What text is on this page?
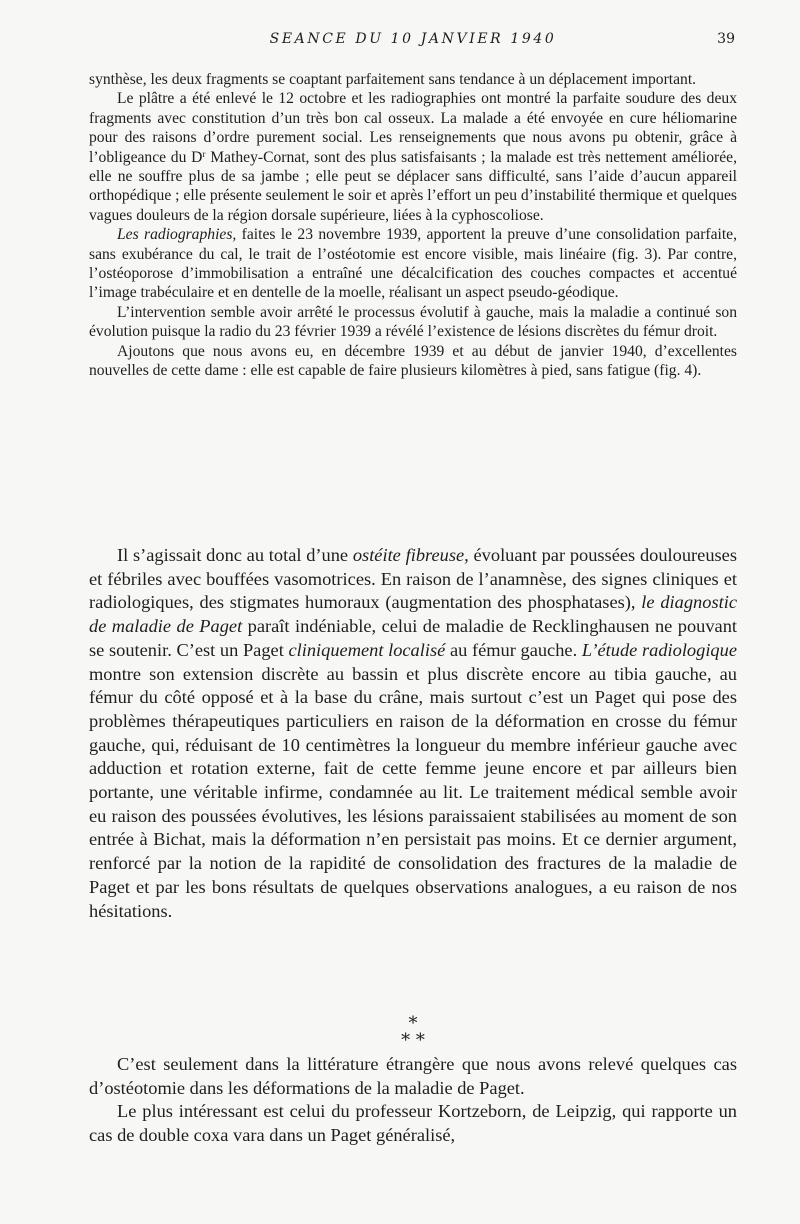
SEANCE DU 10 JANVIER 1940	39

synthèse, les deux fragments se coaptant parfaitement sans tendance à un déplacement important.

Le plâtre a été enlevé le 12 octobre et les radiographies ont montré la parfaite soudure des deux fragments avec constitution d’un très bon cal osseux. La malade a été envoyée en cure héliomarine pour des raisons d’ordre purement social. Les renseignements que nous avons pu obtenir, grâce à l’obligeance du $D^r$ Mathey-Cornat, sont des plus satisfaisants ; la malade est très nettement améliorée, elle ne souffre plus de sa jambe ; elle peut se déplacer sans difficulté, sans l’aide d’aucun appareil orthopédique ; elle présente seulement le soir et après l’effort un peu d’instabilité thermique et quelques vagues douleurs de la région dorsale supérieure, liées à la cyphoscoliose.

Les radiographies, faites le 23 novembre 1939, apportent la preuve d’une consolidation parfaite, sans exubérance du cal, le trait de l’ostéotomie est encore visible, mais linéaire (fig. 3). Par contre, l’ostéoporose d’immobilisation a entraîné une décalcification des couches compactes et accentué l’image trabéculaire et en dentelle de la moelle, réalisant un aspect pseudo-géodique.

L’intervention semble avoir arrêté le processus évolutif à gauche, mais la maladie a continué son évolution puisque la radio du 23 février 1939 a révélé l’existence de lésions discrètes du fémur droit.

Ajoutons que nous avons eu, en décembre 1939 et au début de janvier 1940, d’excellentes nouvelles de cette dame : elle est capable de faire plusieurs kilomètres à pied, sans fatigue (fig. 4).

Il s’agissait donc au total d’une ostéite fibreuse, évoluant par poussées douloureuses et fébriles avec bouffées vasomotrices. En raison de l’anamnèse, des signes cliniques et radiologiques, des stigmates humoraux (augmentation des phosphatases), le diagnostic de maladie de Paget paraît indéniable, celui de maladie de Recklinghausen ne pouvant se soutenir. C’est un Paget cliniquement localisé au fémur gauche. L’étude radiologique montre son extension discrète au bassin et plus discrète encore au tibia gauche, au fémur du côté opposé et à la base du crâne, mais surtout c’est un Paget qui pose des problèmes thérapeutiques particuliers en raison de la déformation en crosse du fémur gauche, qui, réduisant de 10 centimètres la longueur du membre inférieur gauche avec adduction et rotation externe, fait de cette femme jeune encore et par ailleurs bien portante, une véritable infirme, condamnée au lit. Le traitement médical semble avoir eu raison des poussées évolutives, les lésions paraissaient stabilisées au moment de son entrée à Bichat, mais la déformation n’en persistait pas moins. Et ce dernier argument, renforcé par la notion de la rapidité de consolidation des fractures de la maladie de Paget et par les bons résultats de quelques observations analogues, a eu raison de nos hésitations.

*
* *

C’est seulement dans la littérature étrangère que nous avons relevé quelques cas d’ostéotomie dans les déformations de la maladie de Paget.

Le plus intéressant est celui du professeur Kortzeborn, de Leipzig, qui rapporte un cas de double coxa vara dans un Paget généralisé,
